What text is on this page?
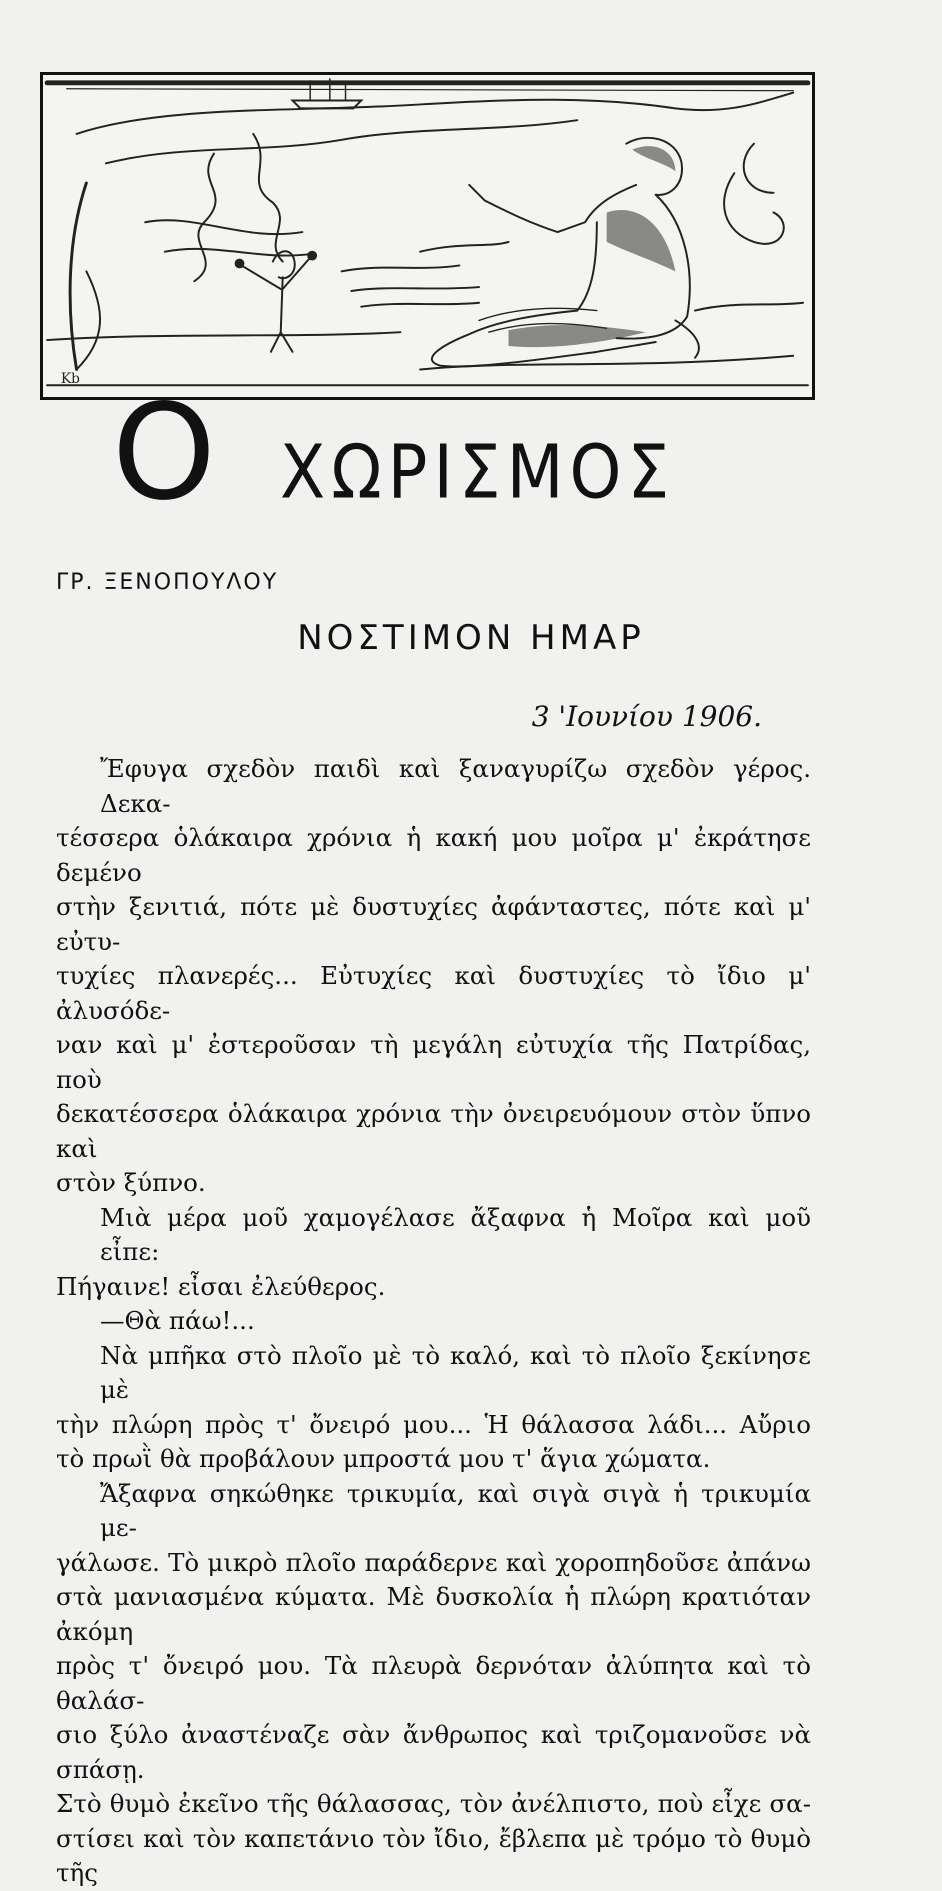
Kb Ο ΧΩΡΙΣΜΟΣ
ΓΡ. ΞΕΝΟΠΟΥΛΟΥ
ΝΟΣΤΙΜΟΝ ΗΜΑΡ
3 'Ιουνίου 1906.

Ἔφυγα σχεδὸν παιδὶ καὶ ξαναγυρίζω σχεδὸν γέρος. Δεκα-
τέσσερα ὁλάκαιρα χρόνια ἡ κακή μου μοῖρα μ' ἐκράτησε δεμένο
στὴν ξενιτιά, πότε μὲ δυστυχίες ἀφάνταστες, πότε καὶ μ' εὐτυ-
τυχίες πλανερές... Εὐτυχίες καὶ δυστυχίες τὸ ἴδιο μ' ἀλυσόδε-
ναν καὶ μ' ἐστεροῦσαν τὴ μεγάλη εὐτυχία τῆς Πατρίδας, ποὺ
δεκατέσσερα ὁλάκαιρα χρόνια τὴν ὀνειρευόμουν στὸν ὕπνο καὶ
στὸν ξύπνο.

Μιὰ μέρα μοῦ χαμογέλασε ἄξαφνα ἡ Μοῖρα καὶ μοῦ εἶπε:
Πήγαινε! εἶσαι ἐλεύθερος.

—Θὰ πάω!...

Νὰ μπῆκα στὸ πλοῖο μὲ τὸ καλό, καὶ τὸ πλοῖο ξεκίνησε μὲ
τὴν πλώρη πρὸς τ' ὄνειρό μου... Ἡ θάλασσα λάδι... Αὔριο
τὸ πρωῒ θὰ προβάλουν μπροστά μου τ' ἅγια χώματα.

Ἄξαφνα σηκώθηκε τρικυμία, καὶ σιγὰ σιγὰ ἡ τρικυμία με-
γάλωσε. Τὸ μικρὸ πλοῖο παράδερνε καὶ χοροπηδοῦσε ἀπάνω
στὰ μανιασμένα κύματα. Μὲ δυσκολία ἡ πλώρη κρατιόταν ἀκόμη
πρὸς τ' ὄνειρό μου. Τὰ πλευρὰ δερνόταν ἀλύπητα καὶ τὸ θαλάσ-
σιο ξύλο ἀναστέναζε σὰν ἄνθρωπος καὶ τριζομανοῦσε νὰ σπάσῃ.
Στὸ θυμὸ ἐκεῖνο τῆς θάλασσας, τὸν ἀνέλπιστο, ποὺ εἶχε σα-
στίσει καὶ τὸν καπετάνιο τὸν ἴδιο, ἔβλεπα μὲ τρόμο τὸ θυμὸ τῆς
